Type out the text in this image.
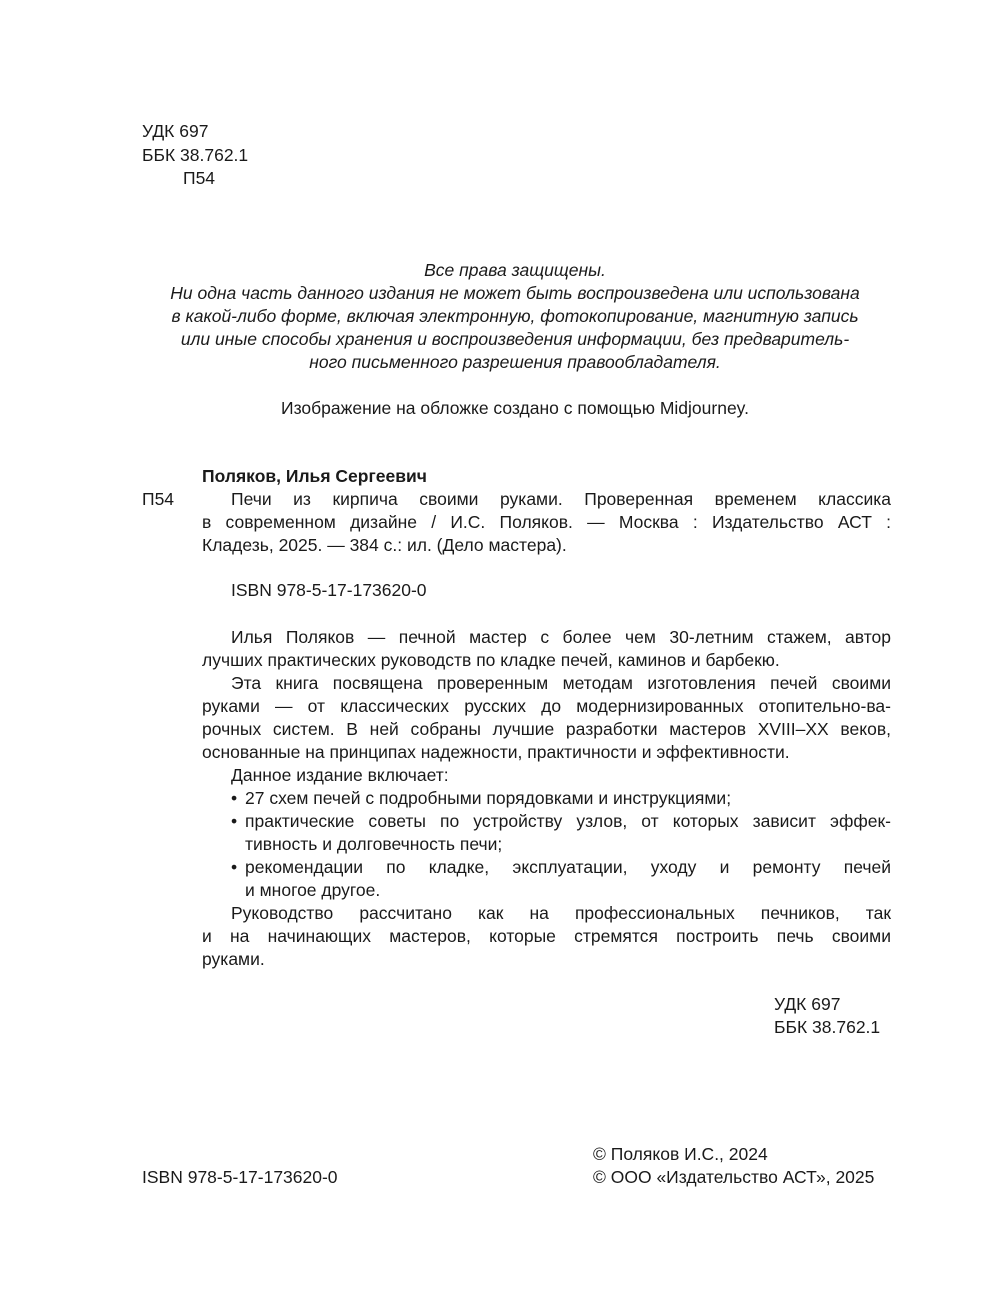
УДК 697
ББК 38.762.1
П54
Все права защищены.
Ни одна часть данного издания не может быть воспроизведена или использована
в какой-либо форме, включая электронную, фотокопирование, магнитную запись
или иные способы хранения и воспроизведения информации, без предваритель-
ного письменного разрешения правообладателя.
Изображение на обложке создано с помощью Midjourney.
Поляков, Илья Сергеевич
П54	Печи из кирпича своими руками. Проверенная временем классика
в современном дизайне / И.С. Поляков. — Москва : Издательство АСТ :
Кладезь, 2025. — 384 с.: ил. (Дело мастера).
ISBN 978-5-17-173620-0
Илья Поляков — печной мастер с более чем 30-летним стажем, автор
лучших практических руководств по кладке печей, каминов и барбекю.
Эта книга посвящена проверенным методам изготовления печей своими
руками — от классических русских до модернизированных отопительно-ва-
рочных систем. В ней собраны лучшие разработки мастеров XVIII–XX веков,
основанные на принципах надежности, практичности и эффективности.
Данное издание включает:
• 27 схем печей с подробными порядовками и инструкциями;
• практические советы по устройству узлов, от которых зависит эффек-
тивность и долговечность печи;
• рекомендации по кладке, эксплуатации, уходу и ремонту печей
и многое другое.
Руководство рассчитано как на профессиональных печников, так
и на начинающих мастеров, которые стремятся построить печь своими
руками.
УДК 697
ББК 38.762.1
ISBN 978-5-17-173620-0
© Поляков И.С., 2024
© ООО «Издательство АСТ», 2025
